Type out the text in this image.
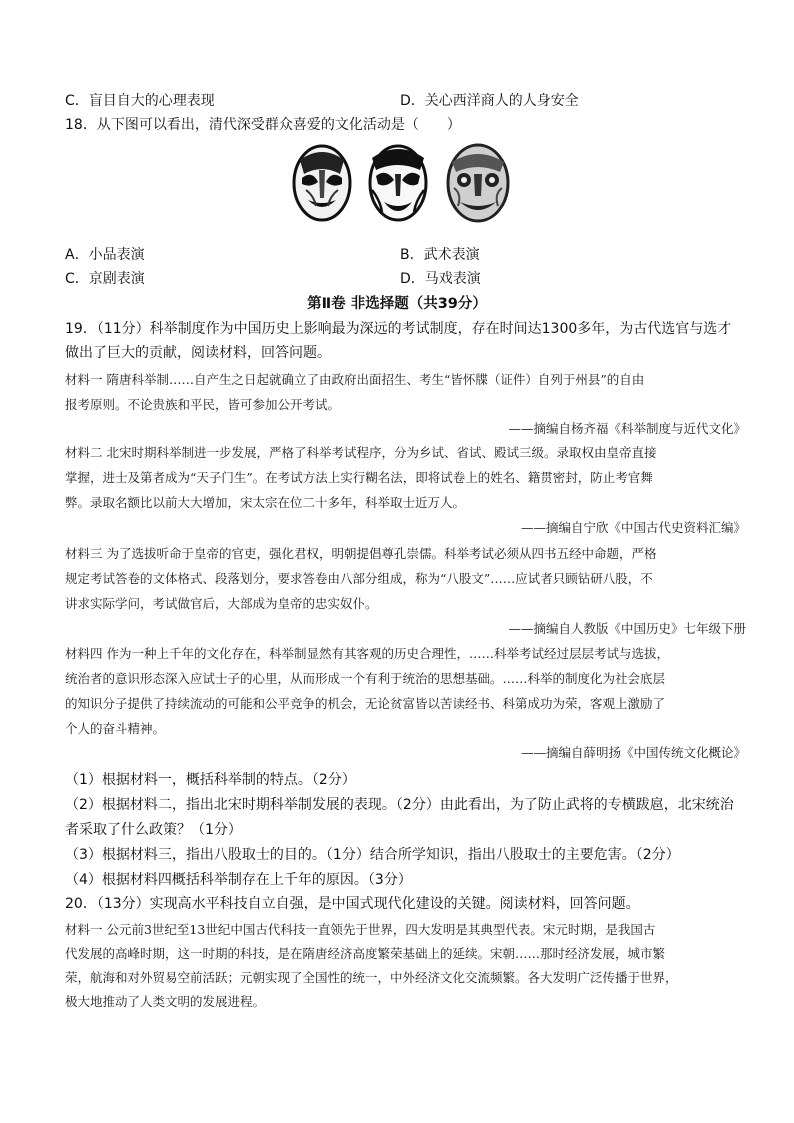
C．盲目自大的心理表现	D．关心西洋商人的人身安全
18．从下图可以看出，清代深受群众喜爱的文化活动是（　　）
A．小品表演	B．武术表演
C．京剧表演	D．马戏表演
第Ⅱ卷 非选择题（共39分）
19．（11分）科举制度作为中国历史上影响最为深远的考试制度，存在时间达1300多年，为古代选官与选才
做出了巨大的贡献，阅读材料，回答问题。
材料一 隋唐科举制……自产生之日起就确立了由政府出面招生、考生“皆怀牒（证件）自列于州县”的自由
报考原则。不论贵族和平民，皆可参加公开考试。
——摘编自杨齐福《科举制度与近代文化》
材料二 北宋时期科举制进一步发展，严格了科举考试程序，分为乡试、省试、殿试三级。录取权由皇帝直接
掌握，进士及第者成为“天子门生”。在考试方法上实行糊名法，即将试卷上的姓名、籍贯密封，防止考官舞
弊。录取名额比以前大大增加，宋太宗在位二十多年，科举取士近万人。
——摘编自宁欣《中国古代史资料汇编》
材料三 为了选拔听命于皇帝的官吏，强化君权，明朝提倡尊孔崇儒。科举考试必须从四书五经中命题，严格
规定考试答卷的文体格式、段落划分，要求答卷由八部分组成，称为“八股文”……应试者只顾钻研八股，不
讲求实际学问，考试做官后，大部成为皇帝的忠实奴仆。
——摘编自人教版《中国历史》七年级下册
材料四 作为一种上千年的文化存在，科举制显然有其客观的历史合理性，……科举考试经过层层考试与选拔，
统治者的意识形态深入应试士子的心里，从而形成一个有利于统治的思想基础。……科举的制度化为社会底层
的知识分子提供了持续流动的可能和公平竞争的机会，无论贫富皆以苦读经书、科第成功为荣，客观上激励了
个人的奋斗精神。
——摘编自薛明扬《中国传统文化概论》
（1）根据材料一，概括科举制的特点。（2分）
（2）根据材料二，指出北宋时期科举制发展的表现。（2分）由此看出，为了防止武将的专横跋扈，北宋统治
者采取了什么政策？（1分）
（3）根据材料三，指出八股取士的目的。（1分）结合所学知识，指出八股取士的主要危害。（2分）
（4）根据材料四概括科举制存在上千年的原因。（3分）
20．（13分）实现高水平科技自立自强，是中国式现代化建设的关键。阅读材料，回答问题。
材料一 公元前3世纪至13世纪中国古代科技一直领先于世界，四大发明是其典型代表。宋元时期，是我国古
代发展的高峰时期，这一时期的科技，是在隋唐经济高度繁荣基础上的延续。宋朝……那时经济发展，城市繁
荣，航海和对外贸易空前活跃；元朝实现了全国性的统一，中外经济文化交流频繁。各大发明广泛传播于世界，
极大地推动了人类文明的发展进程。
